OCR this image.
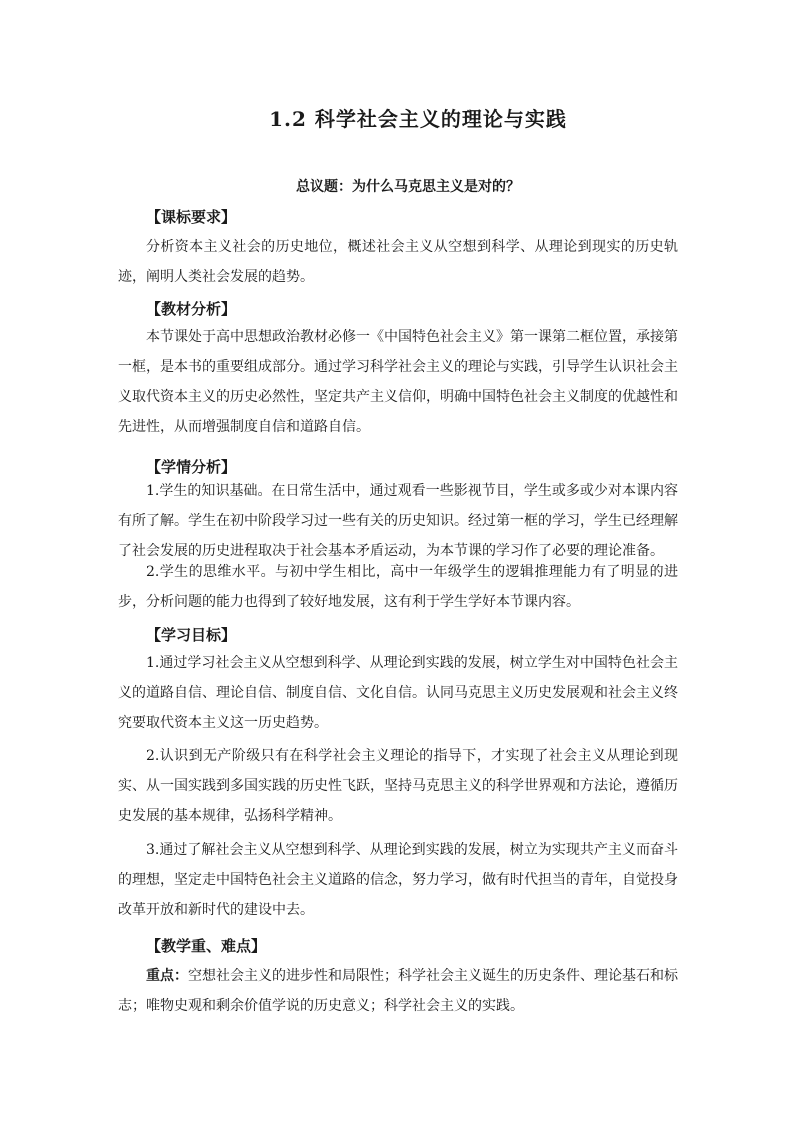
1.2 科学社会主义的理论与实践
总议题：为什么马克思主义是对的？
【课标要求】
分析资本主义社会的历史地位，概述社会主义从空想到科学、从理论到现实的历史轨迹，阐明人类社会发展的趋势。
【教材分析】
本节课处于高中思想政治教材必修一《中国特色社会主义》第一课第二框位置，承接第一框，是本书的重要组成部分。通过学习科学社会主义的理论与实践，引导学生认识社会主义取代资本主义的历史必然性，坚定共产主义信仰，明确中国特色社会主义制度的优越性和先进性，从而增强制度自信和道路自信。
【学情分析】
1.学生的知识基础。在日常生活中，通过观看一些影视节目，学生或多或少对本课内容有所了解。学生在初中阶段学习过一些有关的历史知识。经过第一框的学习，学生已经理解了社会发展的历史进程取决于社会基本矛盾运动，为本节课的学习作了必要的理论准备。
2.学生的思维水平。与初中学生相比，高中一年级学生的逻辑推理能力有了明显的进步，分析问题的能力也得到了较好地发展，这有利于学生学好本节课内容。
【学习目标】
1.通过学习社会主义从空想到科学、从理论到实践的发展，树立学生对中国特色社会主义的道路自信、理论自信、制度自信、文化自信。认同马克思主义历史发展观和社会主义终究要取代资本主义这一历史趋势。
2.认识到无产阶级只有在科学社会主义理论的指导下，才实现了社会主义从理论到现实、从一国实践到多国实践的历史性飞跃，坚持马克思主义的科学世界观和方法论，遵循历史发展的基本规律，弘扬科学精神。
3.通过了解社会主义从空想到科学、从理论到实践的发展，树立为实现共产主义而奋斗的理想，坚定走中国特色社会主义道路的信念，努力学习，做有时代担当的青年，自觉投身改革开放和新时代的建设中去。
【教学重、难点】
重点：空想社会主义的进步性和局限性；科学社会主义诞生的历史条件、理论基石和标志；唯物史观和剩余价值学说的历史意义；科学社会主义的实践。
